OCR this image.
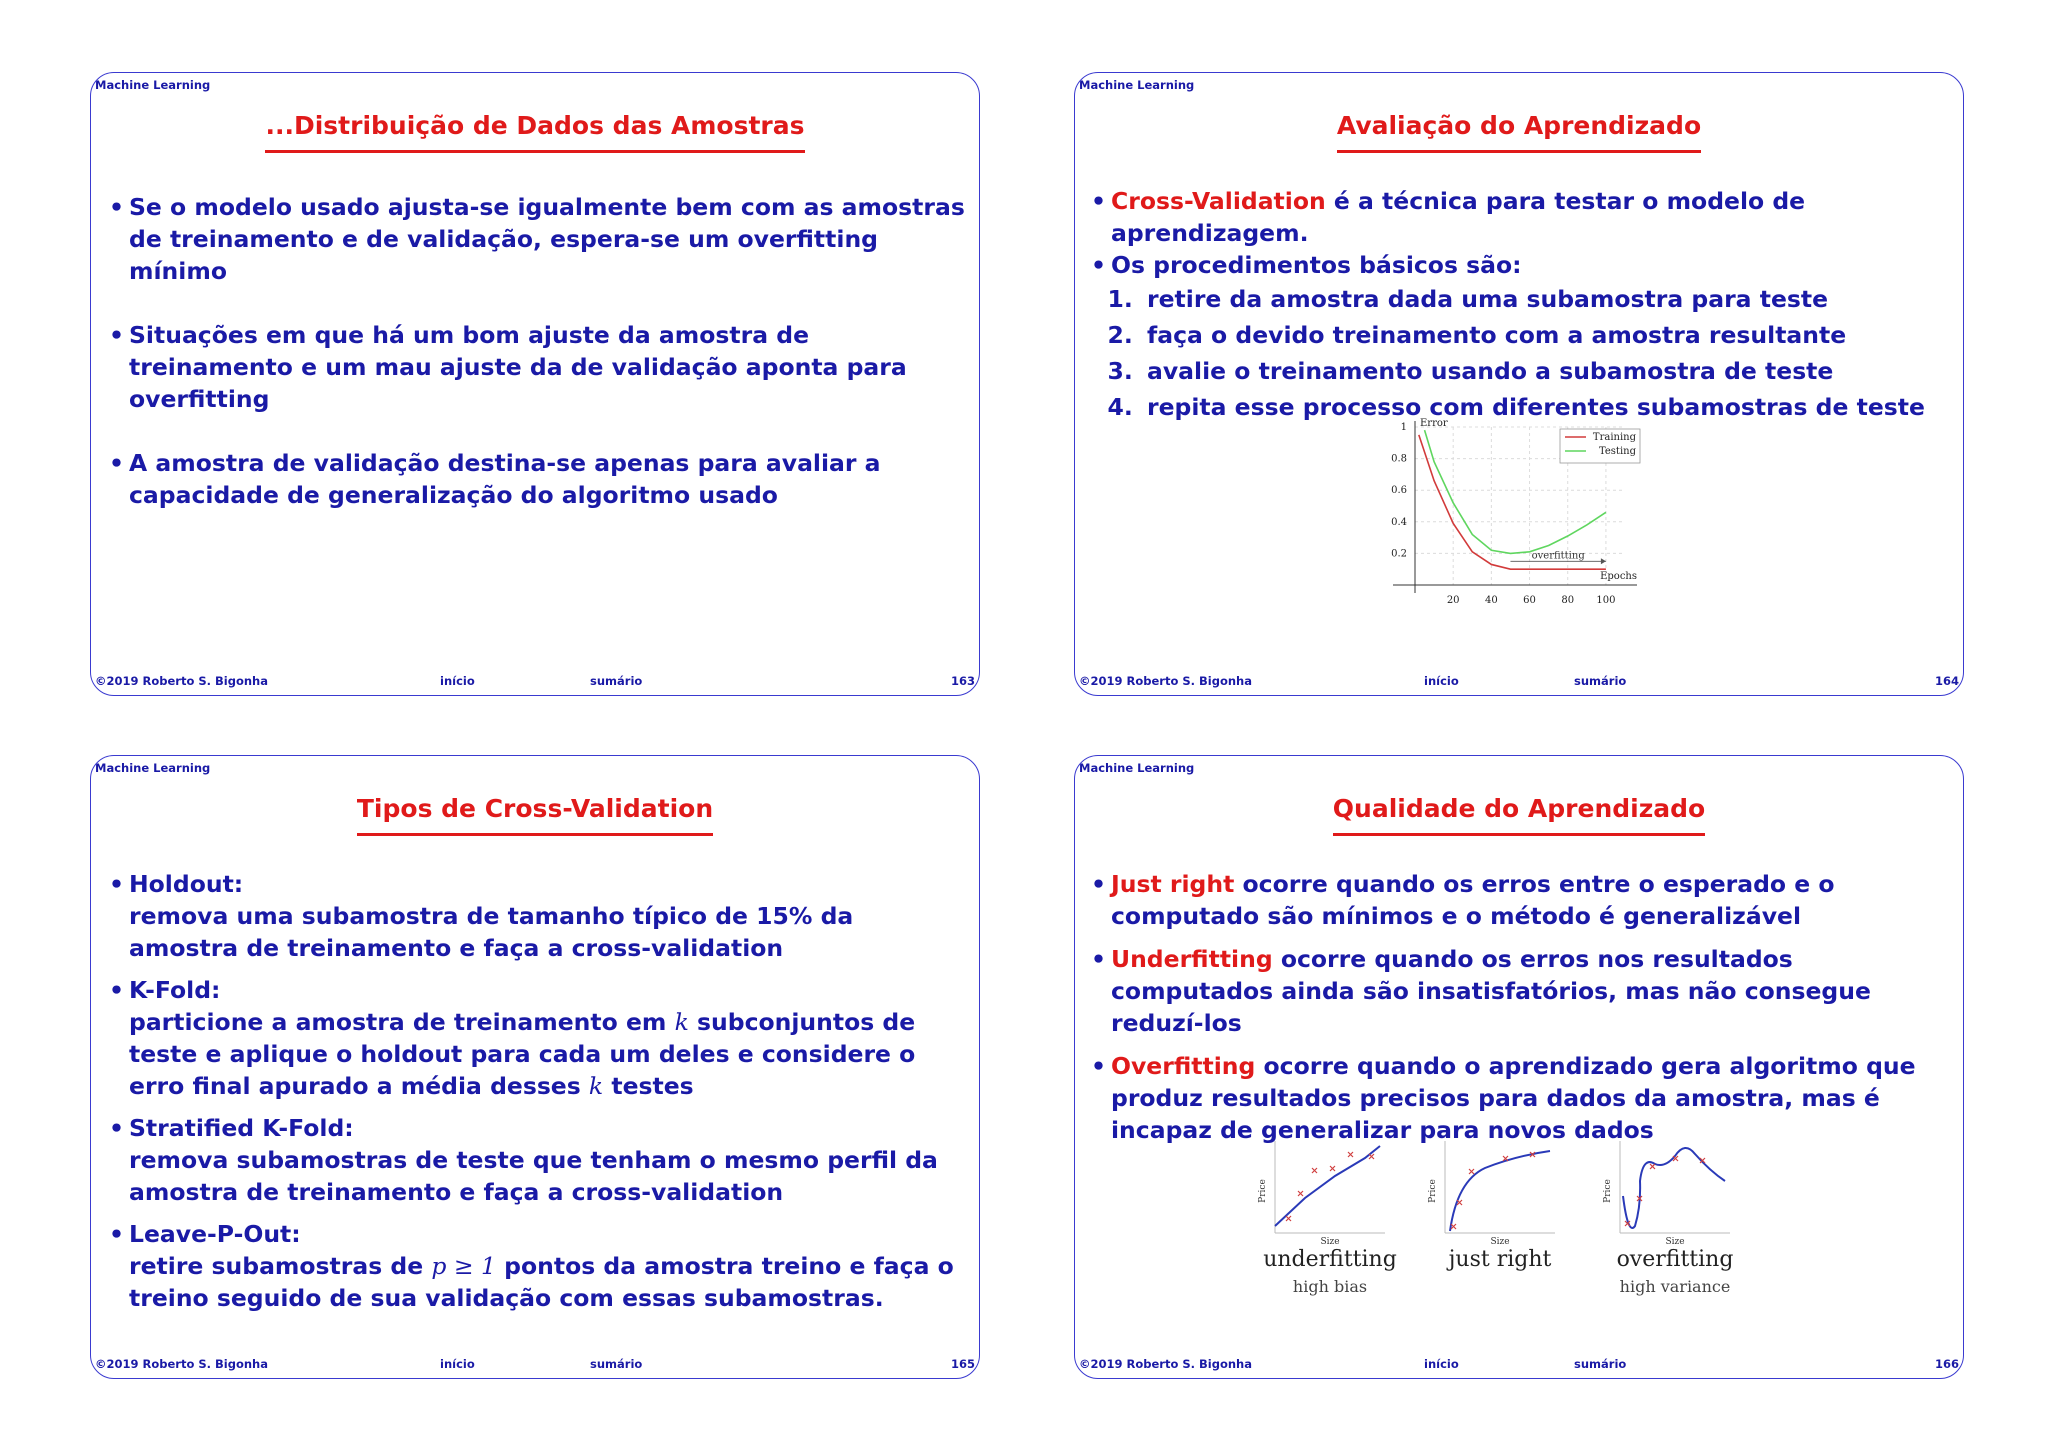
Machine Learning
...Distribuição de Dados das Amostras
• Se o modelo usado ajusta-se igualmente bem com as amostras de treinamento e de validação, espera-se um overfitting mínimo
• Situações em que há um bom ajuste da amostra de treinamento e um mau ajuste da de validação aponta para overfitting
• A amostra de validação destina-se apenas para avaliar a capacidade de generalização do algoritmo usado
©2019 Roberto S. Bigonha	início	sumário	163
Machine Learning
Avaliação do Aprendizado
• Cross-Validation é a técnica para testar o modelo de aprendizagem.
• Os procedimentos básicos são:
1. retire da amostra dada uma subamostra para teste
2. faça o devido treinamento com a amostra resultante
3. avalie o treinamento usando a subamostra de teste
4. repita esse processo com diferentes subamostras de teste
20	40	60	80 100
0.2
0.4
0.6
0.8
1 Error
Epochs
overfitting
Training
Testing
©2019 Roberto S. Bigonha	início	sumário	164
Machine Learning
Tipos de Cross-Validation
• Holdout:
remova uma subamostra de tamanho típico de 15% da amostra de treinamento e faça a cross-validation
• K-Fold:
particione a amostra de treinamento em k subconjuntos de teste e aplique o holdout para cada um deles e considere o erro final apurado a média desses k testes
• Stratified K-Fold:
remova subamostras de teste que tenham o mesmo perfil da amostra de treinamento e faça a cross-validation
• Leave-P-Out:
retire subamostras de p ≥ 1 pontos da amostra treino e faça o treino seguido de sua validação com essas subamostras.
©2019 Roberto S. Bigonha	início	sumário	165
Machine Learning
Qualidade do Aprendizado
• Just right ocorre quando os erros entre o esperado e o computado são mínimos e o método é generalizável
• Underfitting ocorre quando os erros nos resultados computados ainda são insatisfatórios, mas não consegue reduzí-los
• Overfitting ocorre quando o aprendizado gera algoritmo que produz resultados precisos para dados da amostra, mas é incapaz de generalizar para novos dados
Price
Size
underfitting
high bias
Price
Size
just right
Price
Size
overfitting
high variance
©2019 Roberto S. Bigonha	início	sumário	166
